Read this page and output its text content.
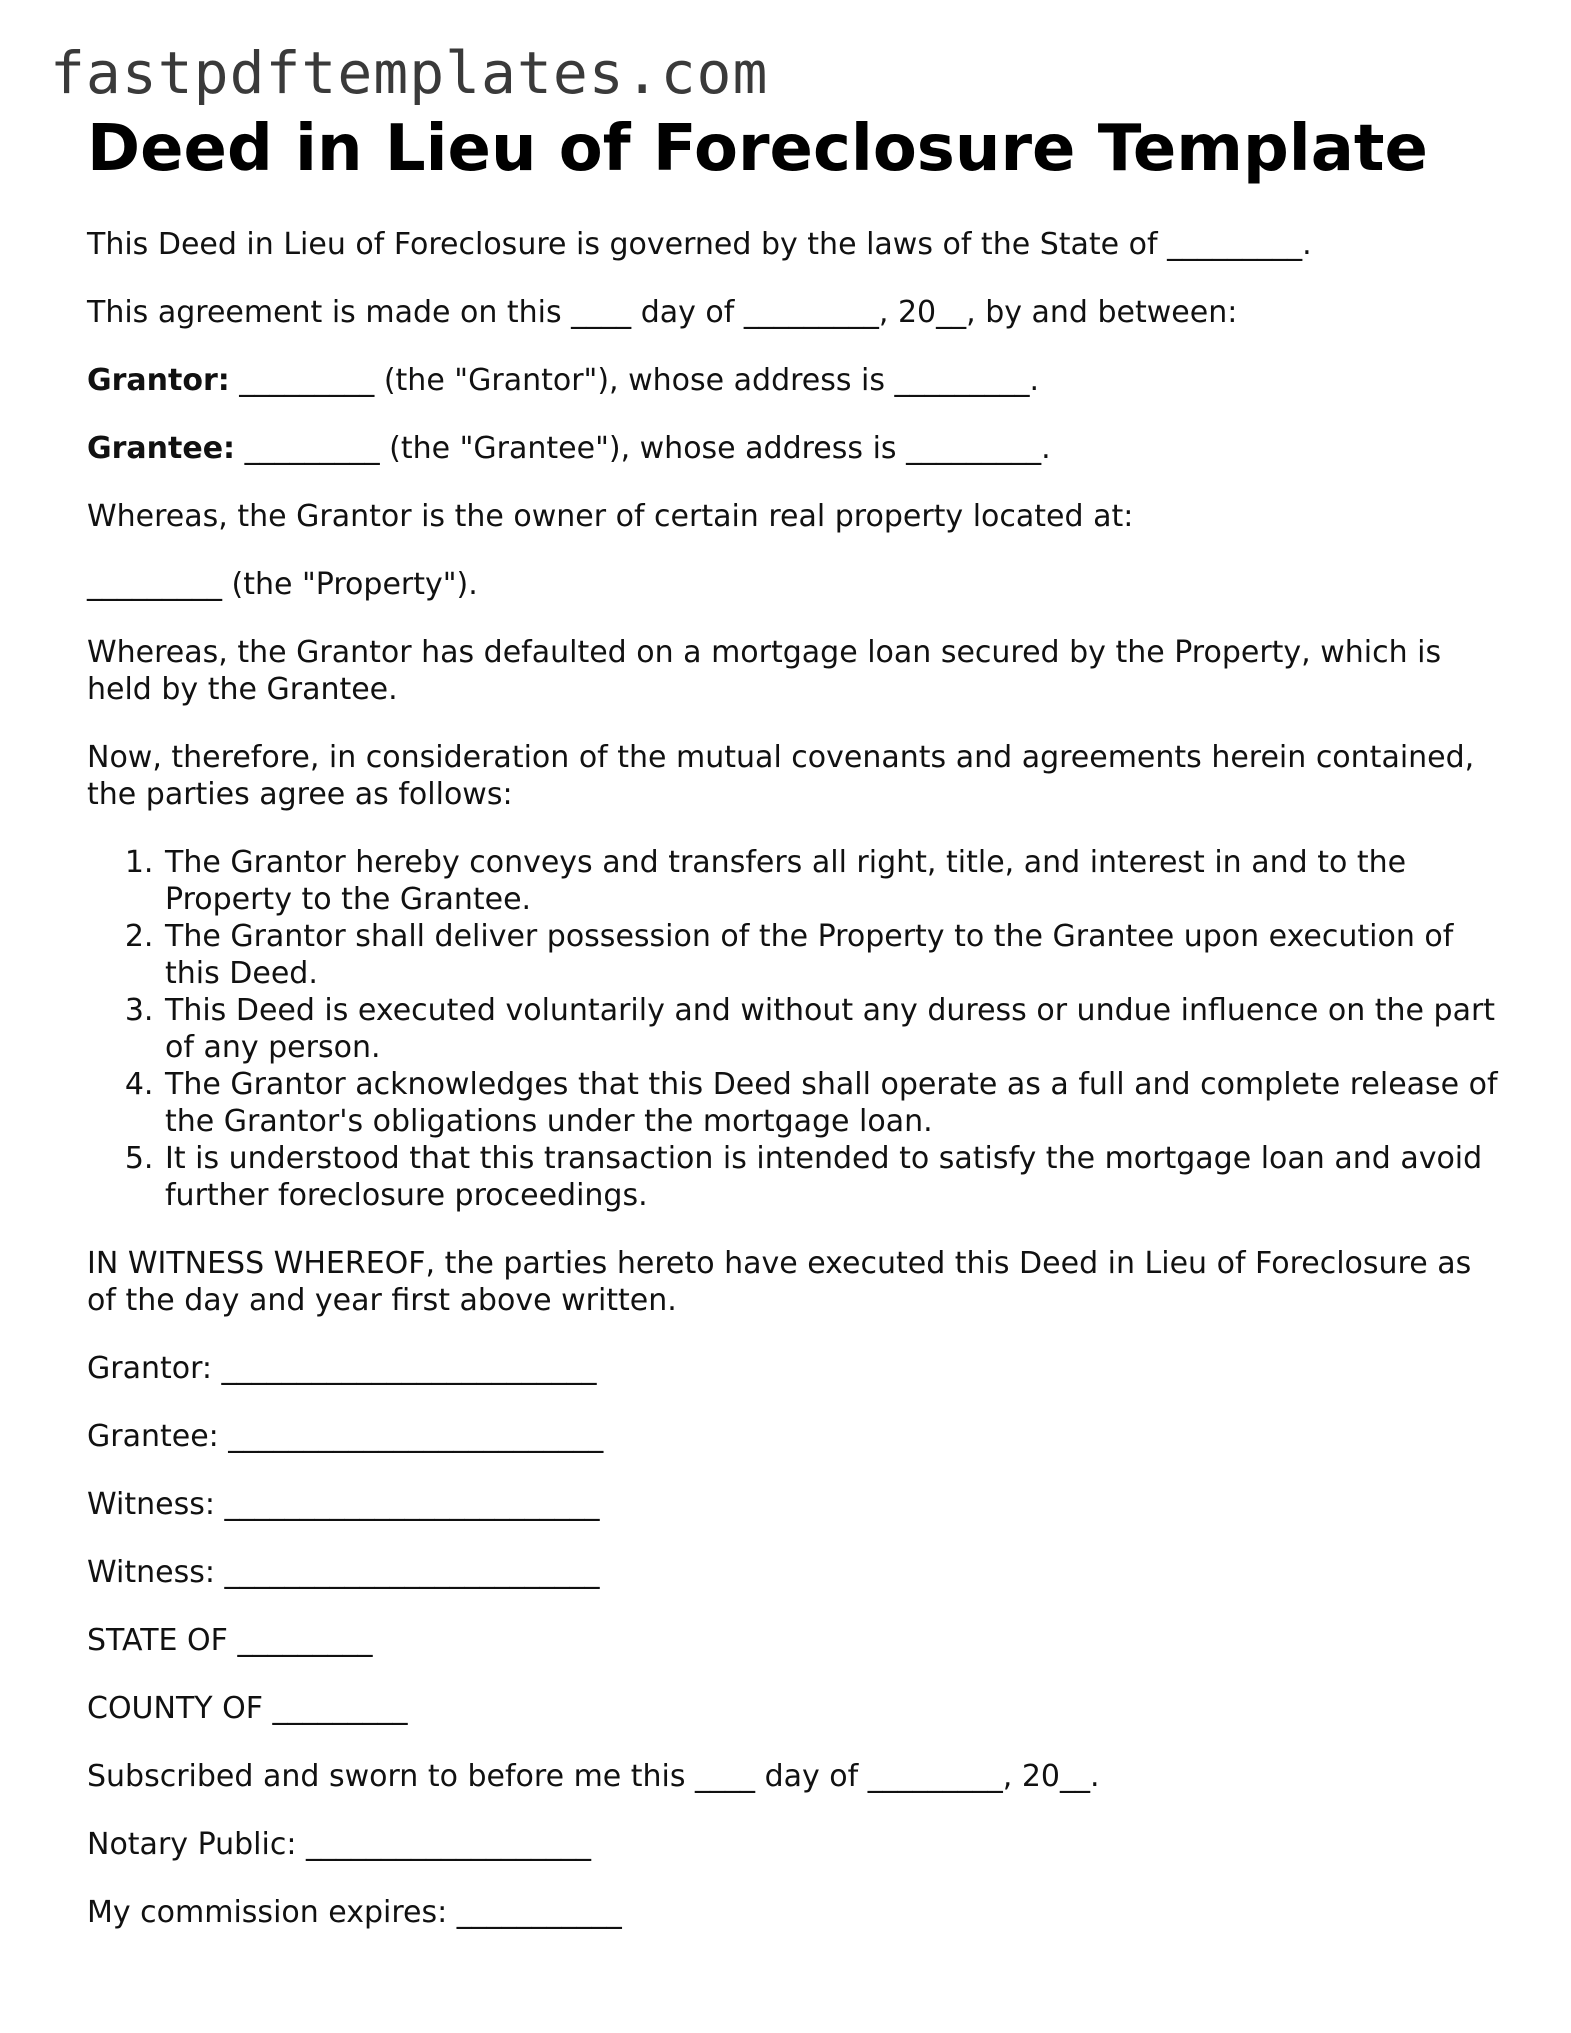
fastpdftemplates.com
Deed in Lieu of Foreclosure Template

This Deed in Lieu of Foreclosure is governed by the laws of the State of _________.

This agreement is made on this ____ day of _________, 20__, by and between:

Grantor: _________ (the "Grantor"), whose address is _________.

Grantee: _________ (the "Grantee"), whose address is _________.

Whereas, the Grantor is the owner of certain real property located at:

_________ (the "Property").

Whereas, the Grantor has defaulted on a mortgage loan secured by the Property, which is held by the Grantee.

Now, therefore, in consideration of the mutual covenants and agreements herein contained, the parties agree as follows:

1. The Grantor hereby conveys and transfers all right, title, and interest in and to the Property to the Grantee.
2. The Grantor shall deliver possession of the Property to the Grantee upon execution of this Deed.
3. This Deed is executed voluntarily and without any duress or undue influence on the part of any person.
4. The Grantor acknowledges that this Deed shall operate as a full and complete release of the Grantor's obligations under the mortgage loan.
5. It is understood that this transaction is intended to satisfy the mortgage loan and avoid further foreclosure proceedings.

IN WITNESS WHEREOF, the parties hereto have executed this Deed in Lieu of Foreclosure as of the day and year first above written.

Grantor: _________________________

Grantee: _________________________

Witness: _________________________

Witness: _________________________

STATE OF _________

COUNTY OF _________

Subscribed and sworn to before me this ____ day of _________, 20__.

Notary Public: ___________________

My commission expires: ___________
